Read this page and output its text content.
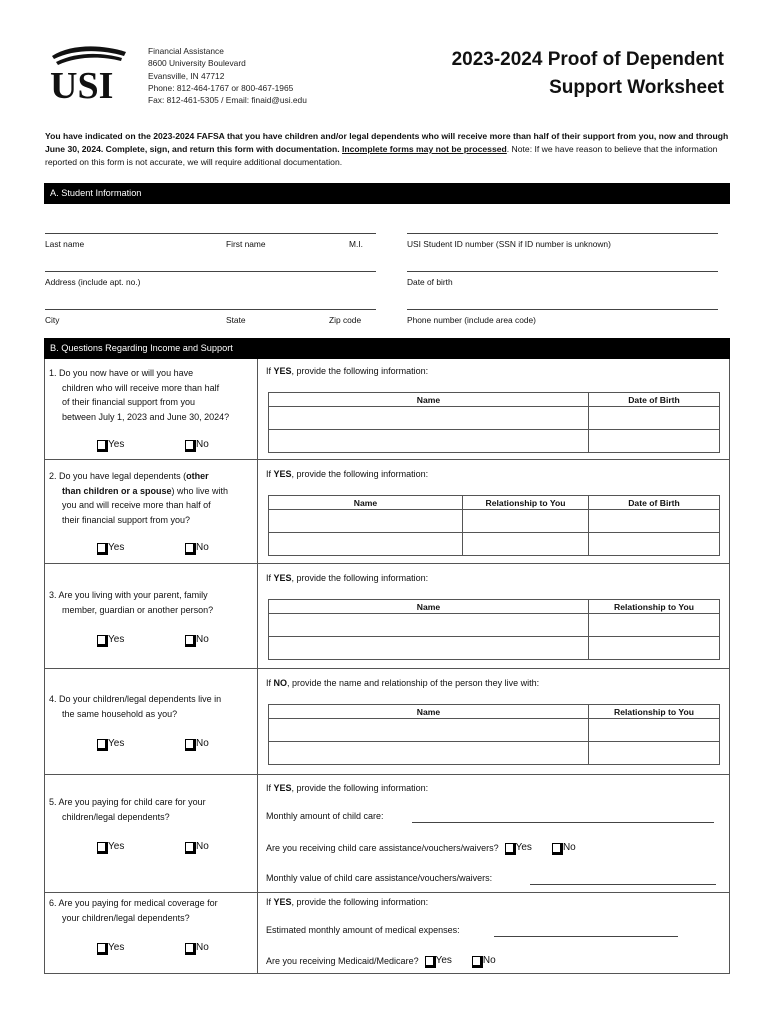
USI
Financial Assistance
8600 University Boulevard
Evansville, IN 47712
Phone: 812-464-1767 or 800-467-1965
Fax: 812-461-5305 / Email: finaid@usi.edu
2023-2024 Proof of Dependent
Support Worksheet
You have indicated on the 2023-2024 FAFSA that you have children and/or legal dependents who will receive more than half of their support from you, now and through June 30, 2024. Complete, sign, and return this form with documentation. Incomplete forms may not be processed. Note: If we have reason to believe that the information reported on this form is not accurate, we will require additional documentation.
A. Student Information
Last name	First name	M.I.	USI Student ID number (SSN if ID number is unknown)
Address (include apt. no.)	Date of birth
City	State	Zip code	Phone number (include area code)
B. Questions Regarding Income and Support
1. Do you now have or will you have
children who will receive more than half
of their financial support from you
between July 1, 2023 and June 30, 2024?
Yes	No
If YES, provide the following information:
Name	Date of Birth

2. Do you have legal dependents (other
than children or a spouse) who live with
you and will receive more than half of
their financial support from you?
Yes	No
If YES, provide the following information:
Name	Relationship to You	Date of Birth

3. Are you living with your parent, family
member, guardian or another person?
Yes	No
If YES, provide the following information:
Name	Relationship to You

4. Do your children/legal dependents live in
the same household as you?
Yes	No
If NO, provide the name and relationship of the person they live with:
Name	Relationship to You

5. Are you paying for child care for your
children/legal dependents?
Yes	No
If YES, provide the following information:
Monthly amount of child care:
Are you receiving child care assistance/vouchers/waivers? Yes	No
Monthly value of child care assistance/vouchers/waivers:
6. Are you paying for medical coverage for
your children/legal dependents?
Yes	No
If YES, provide the following information:
Estimated monthly amount of medical expenses:
Are you receiving Medicaid/Medicare? Yes	No
